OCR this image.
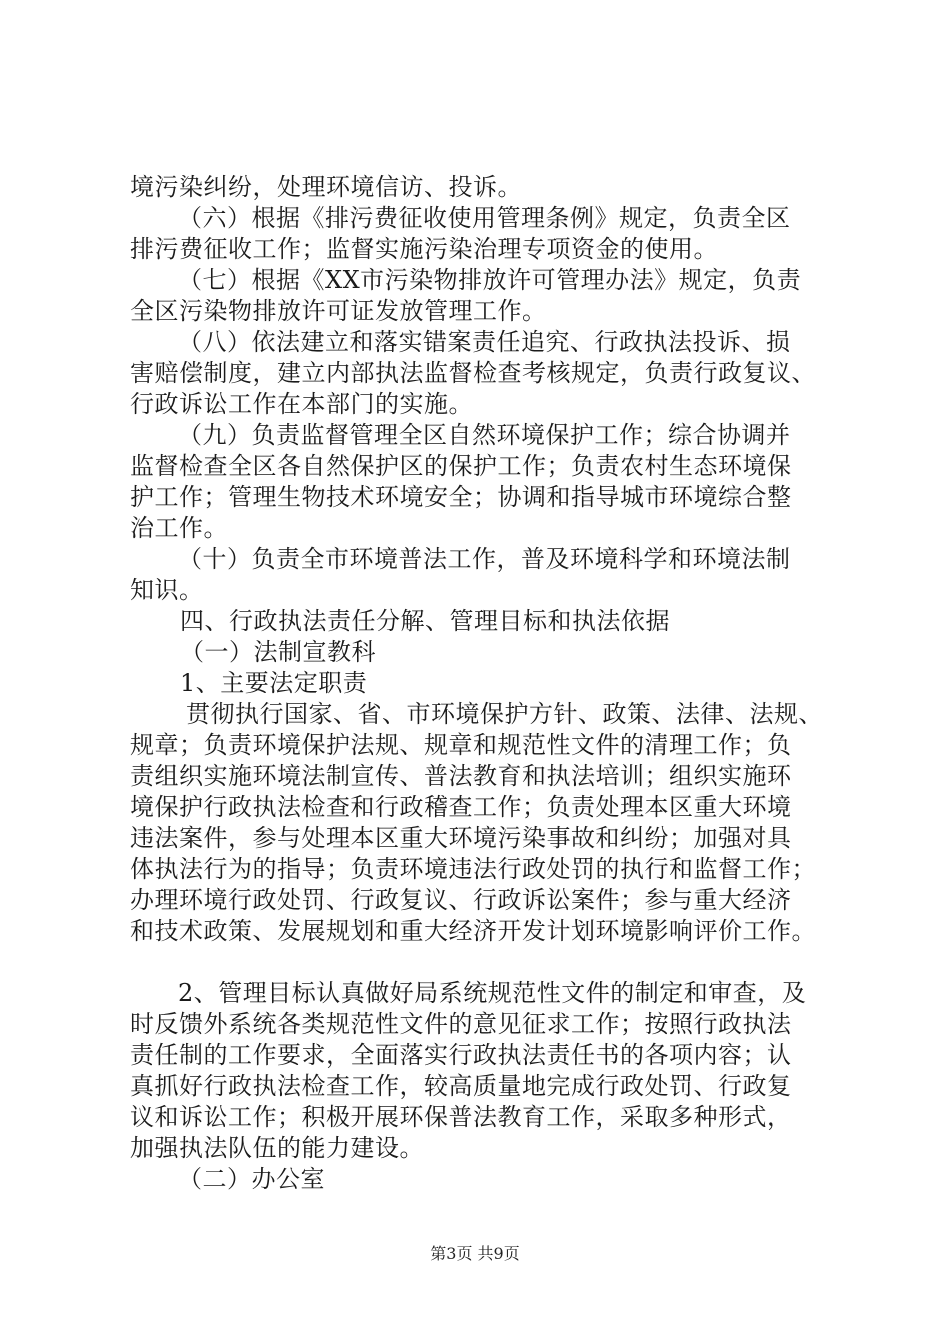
境污染纠纷，处理环境信访、投诉。
（六）根据《排污费征收使用管理条例》规定，负责全区
排污费征收工作；监督实施污染治理专项资金的使用。
（七）根据《XX市污染物排放许可管理办法》规定，负责
全区污染物排放许可证发放管理工作。
（八）依法建立和落实错案责任追究、行政执法投诉、损
害赔偿制度，建立内部执法监督检查考核规定，负责行政复议、
行政诉讼工作在本部门的实施。
（九）负责监督管理全区自然环境保护工作；综合协调并
监督检查全区各自然保护区的保护工作；负责农村生态环境保
护工作；管理生物技术环境安全；协调和指导城市环境综合整
治工作。
（十）负责全市环境普法工作，普及环境科学和环境法制
知识。
四、行政执法责任分解、管理目标和执法依据
（一）法制宣教科
1、主要法定职责
贯彻执行国家、省、市环境保护方针、政策、法律、法规、
规章；负责环境保护法规、规章和规范性文件的清理工作；负
责组织实施环境法制宣传、普法教育和执法培训；组织实施环
境保护行政执法检查和行政稽查工作；负责处理本区重大环境
违法案件，参与处理本区重大环境污染事故和纠纷；加强对具
体执法行为的指导；负责环境违法行政处罚的执行和监督工作；
办理环境行政处罚、行政复议、行政诉讼案件；参与重大经济
和技术政策、发展规划和重大经济开发计划环境影响评价工作。
2、管理目标认真做好局系统规范性文件的制定和审查，及
时反馈外系统各类规范性文件的意见征求工作；按照行政执法
责任制的工作要求，全面落实行政执法责任书的各项内容；认
真抓好行政执法检查工作，较高质量地完成行政处罚、行政复
议和诉讼工作；积极开展环保普法教育工作，采取多种形式，
加强执法队伍的能力建设。
（二）办公室
第3页 共9页
